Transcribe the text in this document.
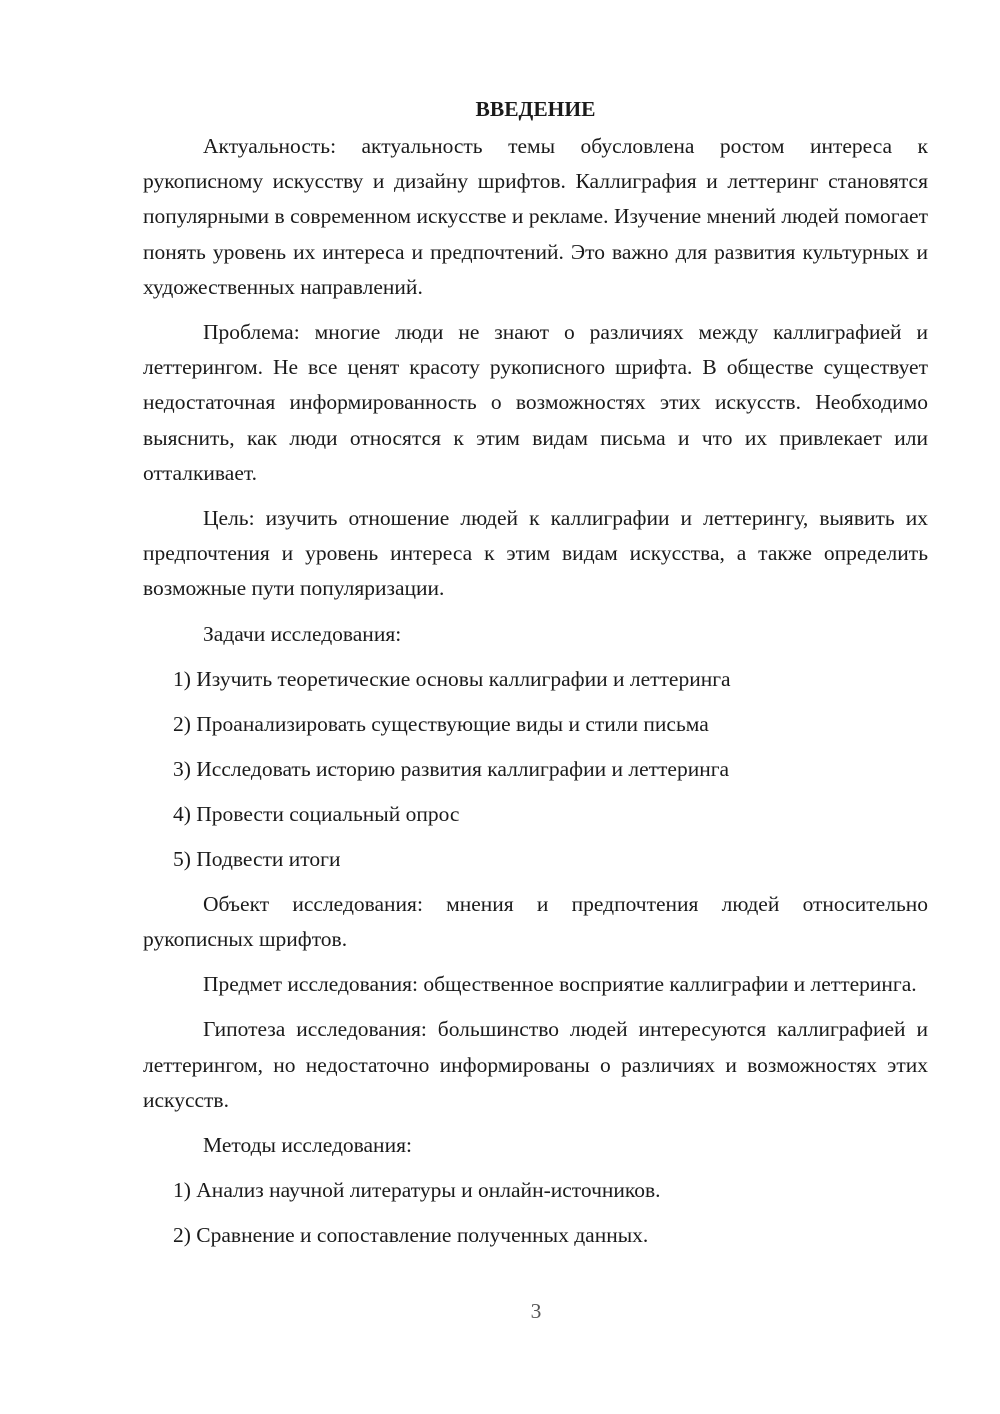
ВВЕДЕНИЕ

Актуальность: актуальность темы обусловлена ростом интереса к рукописному искусству и дизайну шрифтов. Каллиграфия и леттеринг становятся популярными в современном искусстве и рекламе. Изучение мнений людей помогает понять уровень их интереса и предпочтений. Это важно для развития культурных и художественных направлений.

Проблема: многие люди не знают о различиях между каллиграфией и леттерингом. Не все ценят красоту рукописного шрифта. В обществе существует недостаточная информированность о возможностях этих искусств. Необходимо выяснить, как люди относятся к этим видам письма и что их привлекает или отталкивает.

Цель: изучить отношение людей к каллиграфии и леттерингу, выявить их предпочтения и уровень интереса к этим видам искусства, а также определить возможные пути популяризации.

Задачи исследования:

1) Изучить теоретические основы каллиграфии и леттеринга

2) Проанализировать существующие виды и стили письма

3) Исследовать историю развития каллиграфии и леттеринга

4) Провести социальный опрос

5) Подвести итоги

Объект исследования: мнения и предпочтения людей относительно рукописных шрифтов.

Предмет исследования: общественное восприятие каллиграфии и леттеринга.

Гипотеза исследования: большинство людей интересуются каллиграфией и леттерингом, но недостаточно информированы о различиях и возможностях этих искусств.

Методы исследования:

1) Анализ научной литературы и онлайн-источников.

2) Сравнение и сопоставление полученных данных.

3
